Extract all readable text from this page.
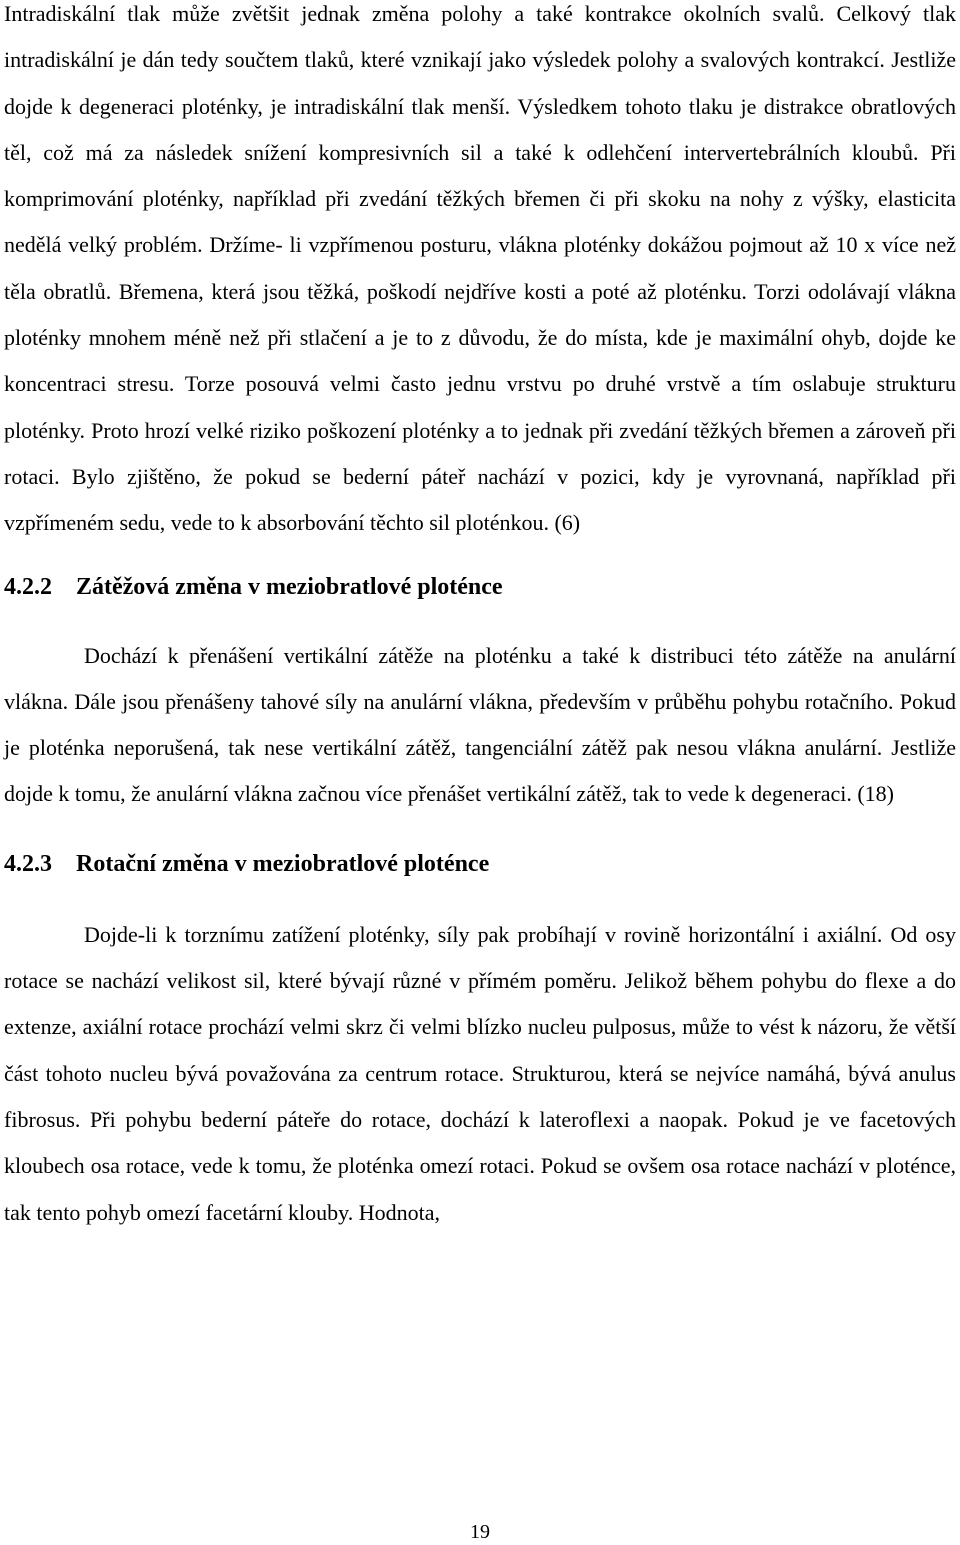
Intradiskální tlak může zvětšit jednak změna polohy a také kontrakce okolních svalů. Celkový tlak intradiskální je dán tedy součtem tlaků, které vznikají jako výsledek polohy a svalových kontrakcí. Jestliže dojde k degeneraci ploténky, je intradiskální tlak menší. Výsledkem tohoto tlaku je distrakce obratlových těl, což má za následek snížení kompresivních sil a také k odlehčení intervertebrálních kloubů. Při komprimování ploténky, například při zvedání těžkých břemen či při skoku na nohy z výšky, elasticita nedělá velký problém. Držíme- li vzpřímenou posturu, vlákna ploténky dokážou pojmout až 10 x více než těla obratlů. Břemena, která jsou těžká, poškodí nejdříve kosti a poté až ploténku. Torzi odolávají vlákna ploténky mnohem méně než při stlačení a je to z důvodu, že do místa, kde je maximální ohyb, dojde ke koncentraci stresu. Torze posouvá velmi často jednu vrstvu po druhé vrstvě a tím oslabuje strukturu ploténky. Proto hrozí velké riziko poškození ploténky a to jednak při zvedání těžkých břemen a zároveň při rotaci. Bylo zjištěno, že pokud se bederní páteř nachází v pozici, kdy je vyrovnaná, například při vzpřímeném sedu, vede to k absorbování těchto sil ploténkou. (6)

4.2.2 Zátěžová změna v meziobratlové ploténce

Dochází k přenášení vertikální zátěže na ploténku a také k distribuci této zátěže na anulární vlákna. Dále jsou přenášeny tahové síly na anulární vlákna, především v průběhu pohybu rotačního. Pokud je ploténka neporušená, tak nese vertikální zátěž, tangenciální zátěž pak nesou vlákna anulární. Jestliže dojde k tomu, že anulární vlákna začnou více přenášet vertikální zátěž, tak to vede k degeneraci. (18)

4.2.3 Rotační změna v meziobratlové ploténce

Dojde-li k torznímu zatížení ploténky, síly pak probíhají v rovině horizontální i axiální. Od osy rotace se nachází velikost sil, které bývají různé v přímém poměru. Jelikož během pohybu do flexe a do extenze, axiální rotace prochází velmi skrz či velmi blízko nucleu pulposus, může to vést k názoru, že větší část tohoto nucleu bývá považována za centrum rotace. Strukturou, která se nejvíce namáhá, bývá anulus fibrosus. Při pohybu bederní páteře do rotace, dochází k lateroflexi a naopak. Pokud je ve facetových kloubech osa rotace, vede k tomu, že ploténka omezí rotaci. Pokud se ovšem osa rotace nachází v ploténce, tak tento pohyb omezí facetární klouby. Hodnota,

19
